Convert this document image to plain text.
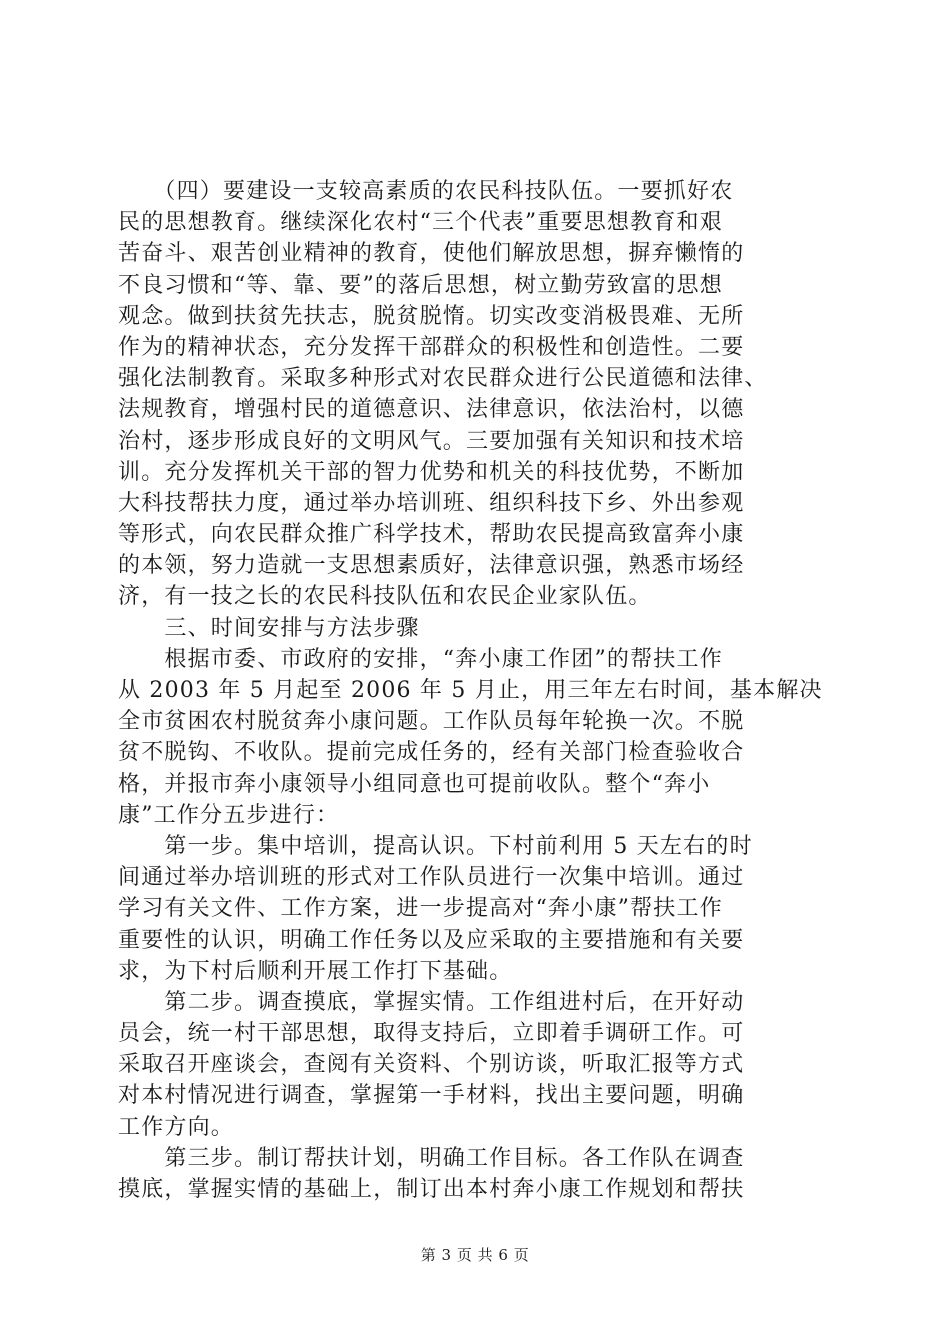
　　（四）要建设一支较高素质的农民科技队伍。一要抓好农
民的思想教育。继续深化农村“三个代表”重要思想教育和艰
苦奋斗、艰苦创业精神的教育，使他们解放思想，摒弃懒惰的
不良习惯和“等、靠、要”的落后思想，树立勤劳致富的思想
观念。做到扶贫先扶志，脱贫脱惰。切实改变消极畏难、无所
作为的精神状态，充分发挥干部群众的积极性和创造性。二要
强化法制教育。采取多种形式对农民群众进行公民道德和法律、
法规教育，增强村民的道德意识、法律意识，依法治村，以德
治村，逐步形成良好的文明风气。三要加强有关知识和技术培
训。充分发挥机关干部的智力优势和机关的科技优势，不断加
大科技帮扶力度，通过举办培训班、组织科技下乡、外出参观
等形式，向农民群众推广科学技术，帮助农民提高致富奔小康
的本领，努力造就一支思想素质好，法律意识强，熟悉市场经
济，有一技之长的农民科技队伍和农民企业家队伍。
　　三、时间安排与方法步骤
　　根据市委、市政府的安排，“奔小康工作团”的帮扶工作
从 2003 年 5 月起至 2006 年 5 月止，用三年左右时间，基本解决
全市贫困农村脱贫奔小康问题。工作队员每年轮换一次。不脱
贫不脱钩、不收队。提前完成任务的，经有关部门检查验收合
格，并报市奔小康领导小组同意也可提前收队。整个“奔小
康”工作分五步进行：
　　第一步。集中培训，提高认识。下村前利用 5 天左右的时
间通过举办培训班的形式对工作队员进行一次集中培训。通过
学习有关文件、工作方案，进一步提高对“奔小康”帮扶工作
重要性的认识，明确工作任务以及应采取的主要措施和有关要
求，为下村后顺利开展工作打下基础。
　　第二步。调查摸底，掌握实情。工作组进村后，在开好动
员会，统一村干部思想，取得支持后，立即着手调研工作。可
采取召开座谈会，查阅有关资料、个别访谈，听取汇报等方式
对本村情况进行调查，掌握第一手材料，找出主要问题，明确
工作方向。
　　第三步。制订帮扶计划，明确工作目标。各工作队在调查
摸底，掌握实情的基础上，制订出本村奔小康工作规划和帮扶
第 3 页 共 6 页
